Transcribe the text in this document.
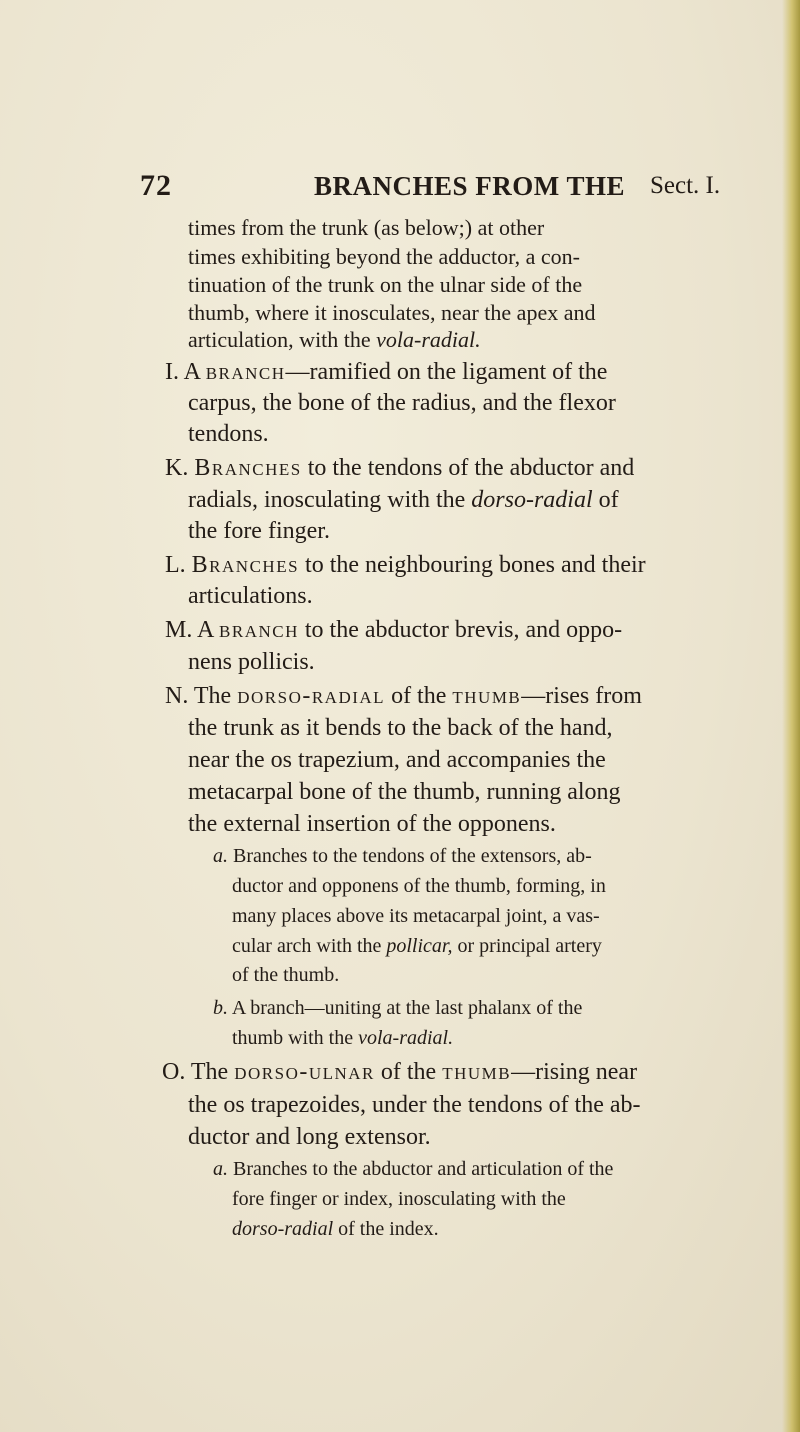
72	BRANCHES FROM THE Sect. I.
times from the trunk (as below;) at other
times exhibiting beyond the adductor, a con-
tinuation of the trunk on the ulnar side of the
thumb, where it inosculates, near the apex and
articulation, with the vola-radial.
I. A branch—ramified on the ligament of the
carpus, the bone of the radius, and the flexor
tendons.
K. Branches to the tendons of the abductor and
radials, inosculating with the dorso-radial of
the fore finger.
L. Branches to the neighbouring bones and their
articulations.
M. A branch to the abductor brevis, and oppo-
nens pollicis.
N. The dorso-radial of the thumb—rises from
the trunk as it bends to the back of the hand,
near the os trapezium, and accompanies the
metacarpal bone of the thumb, running along
the external insertion of the opponens.
a. Branches to the tendons of the extensors, ab-
ductor and opponens of the thumb, forming, in
many places above its metacarpal joint, a vas-
cular arch with the pollicar, or principal artery
of the thumb.
b. A branch—uniting at the last phalanx of the
thumb with the vola-radial.
O. The dorso-ulnar of the thumb—rising near
the os trapezoides, under the tendons of the ab-
ductor and long extensor.
a. Branches to the abductor and articulation of the
fore finger or index, inosculating with the
dorso-radial of the index.
